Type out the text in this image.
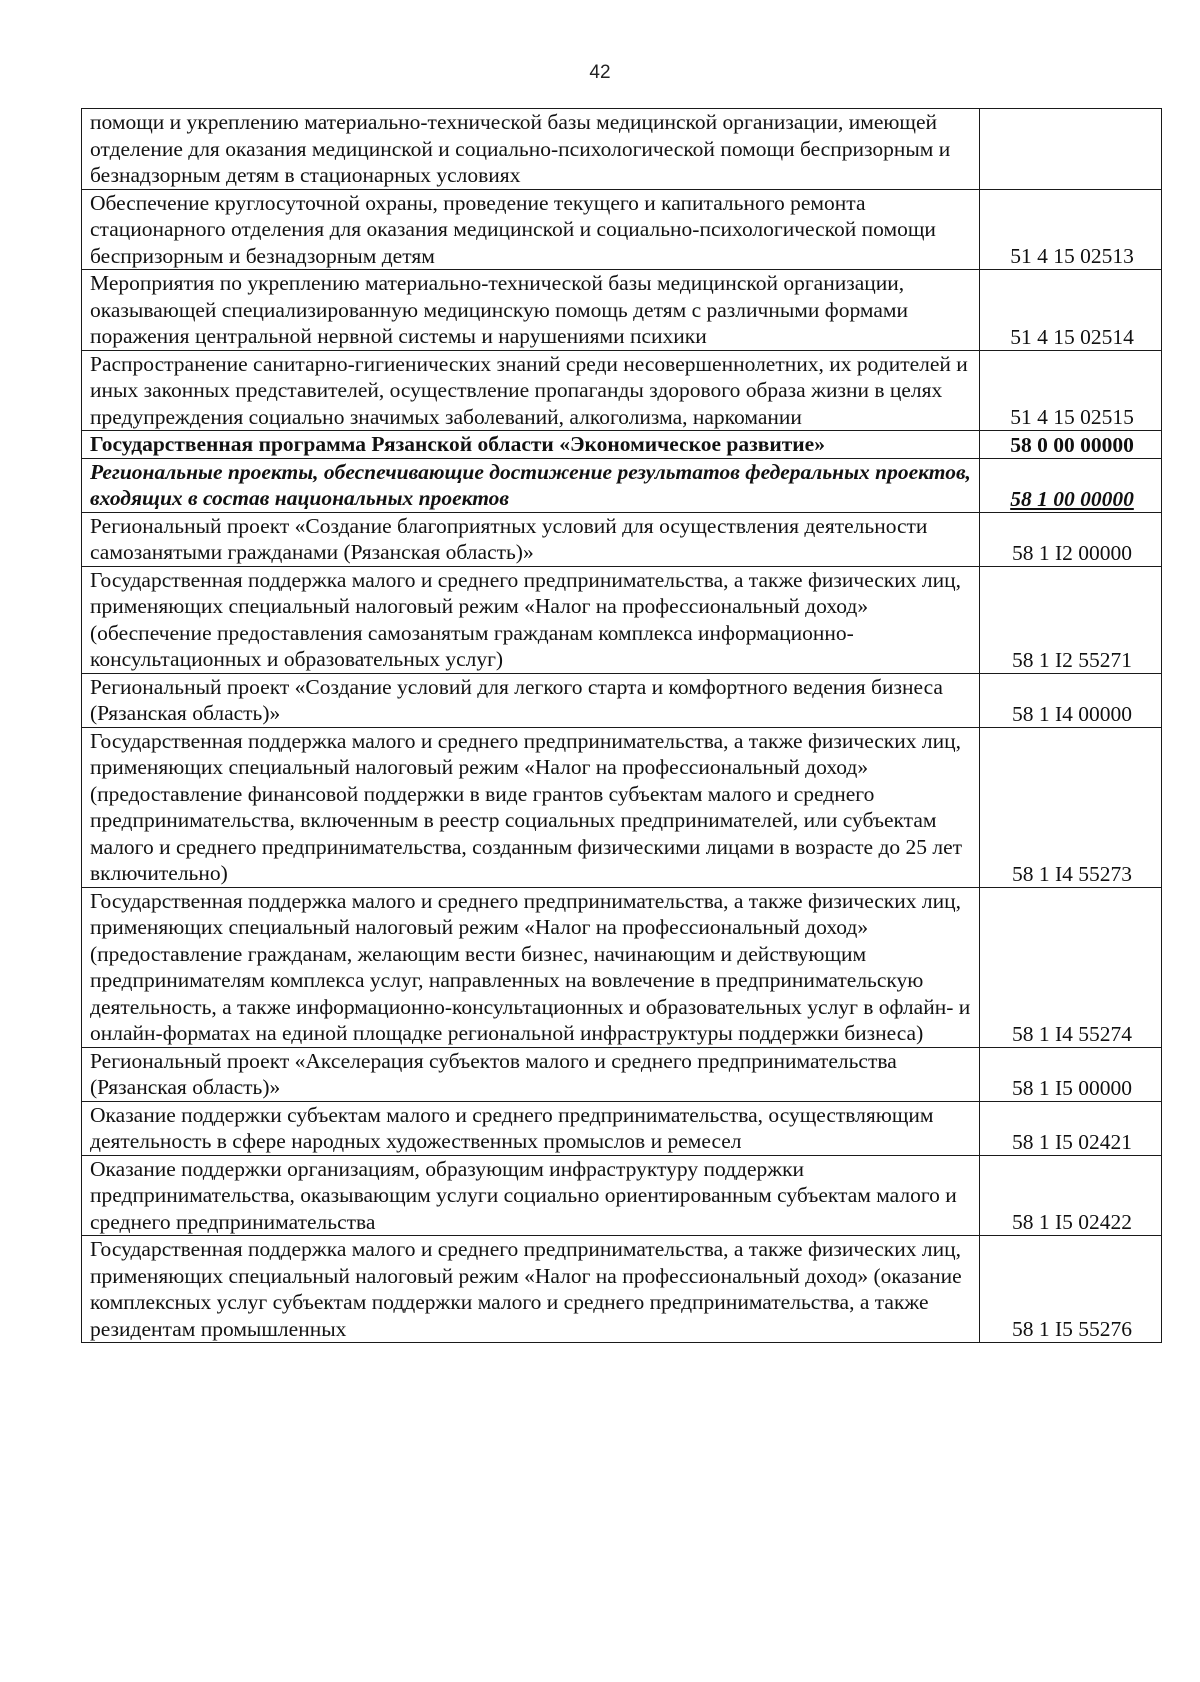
42
помощи и укреплению материально-технической базы медицинской организации, имеющей отделение для оказания медицинской и социально-психологической помощи беспризорным и безнадзорным детям в стационарных условиях	
Обеспечение круглосуточной охраны, проведение текущего и капитального ремонта стационарного отделения для оказания медицинской и социально-психологической помощи беспризорным и безнадзорным детям	51 4 15 02513
Мероприятия по укреплению материально-технической базы медицинской организации, оказывающей специализированную медицинскую помощь детям с различными формами поражения центральной нервной системы и нарушениями психики	51 4 15 02514
Распространение санитарно-гигиенических знаний среди несовершеннолетних, их родителей и иных законных представителей, осуществление пропаганды здорового образа жизни в целях предупреждения социально значимых заболеваний, алкоголизма, наркомании	51 4 15 02515
Государственная программа Рязанской области «Экономическое развитие»	58 0 00 00000
Региональные проекты, обеспечивающие достижение результатов федеральных проектов, входящих в состав национальных проектов	58 1 00 00000
Региональный проект «Создание благоприятных условий для осуществления деятельности самозанятыми гражданами (Рязанская область)»	58 1 I2 00000
Государственная поддержка малого и среднего предпринимательства, а также физических лиц, применяющих специальный налоговый режим «Налог на профессиональный доход» (обеспечение предоставления самозанятым гражданам комплекса информационно-консультационных и образовательных услуг)	58 1 I2 55271
Региональный проект «Создание условий для легкого старта и комфортного ведения бизнеса (Рязанская область)»	58 1 I4 00000
Государственная поддержка малого и среднего предпринимательства, а также физических лиц, применяющих специальный налоговый режим «Налог на профессиональный доход» (предоставление финансовой поддержки в виде грантов субъектам малого и среднего предпринимательства, включенным в реестр социальных предпринимателей, или субъектам малого и среднего предпринимательства, созданным физическими лицами в возрасте до 25 лет включительно)	58 1 I4 55273
Государственная поддержка малого и среднего предпринимательства, а также физических лиц, применяющих специальный налоговый режим «Налог на профессиональный доход» (предоставление гражданам, желающим вести бизнес, начинающим и действующим предпринимателям комплекса услуг, направленных на вовлечение в предпринимательскую деятельность, а также информационно-консультационных и образовательных услуг в офлайн- и онлайн-форматах на единой площадке региональной инфраструктуры поддержки бизнеса)	58 1 I4 55274
Региональный проект «Акселерация субъектов малого и среднего предпринимательства (Рязанская область)»	58 1 I5 00000
Оказание поддержки субъектам малого и среднего предпринимательства, осуществляющим деятельность в сфере народных художественных промыслов и ремесел	58 1 I5 02421
Оказание поддержки организациям, образующим инфраструктуру поддержки предпринимательства, оказывающим услуги социально ориентированным субъектам малого и среднего предпринимательства	58 1 I5 02422
Государственная поддержка малого и среднего предпринимательства, а также физических лиц, применяющих специальный налоговый режим «Налог на профессиональный доход» (оказание комплексных услуг субъектам поддержки малого и среднего предпринимательства, а также резидентам промышленных	58 1 I5 55276
